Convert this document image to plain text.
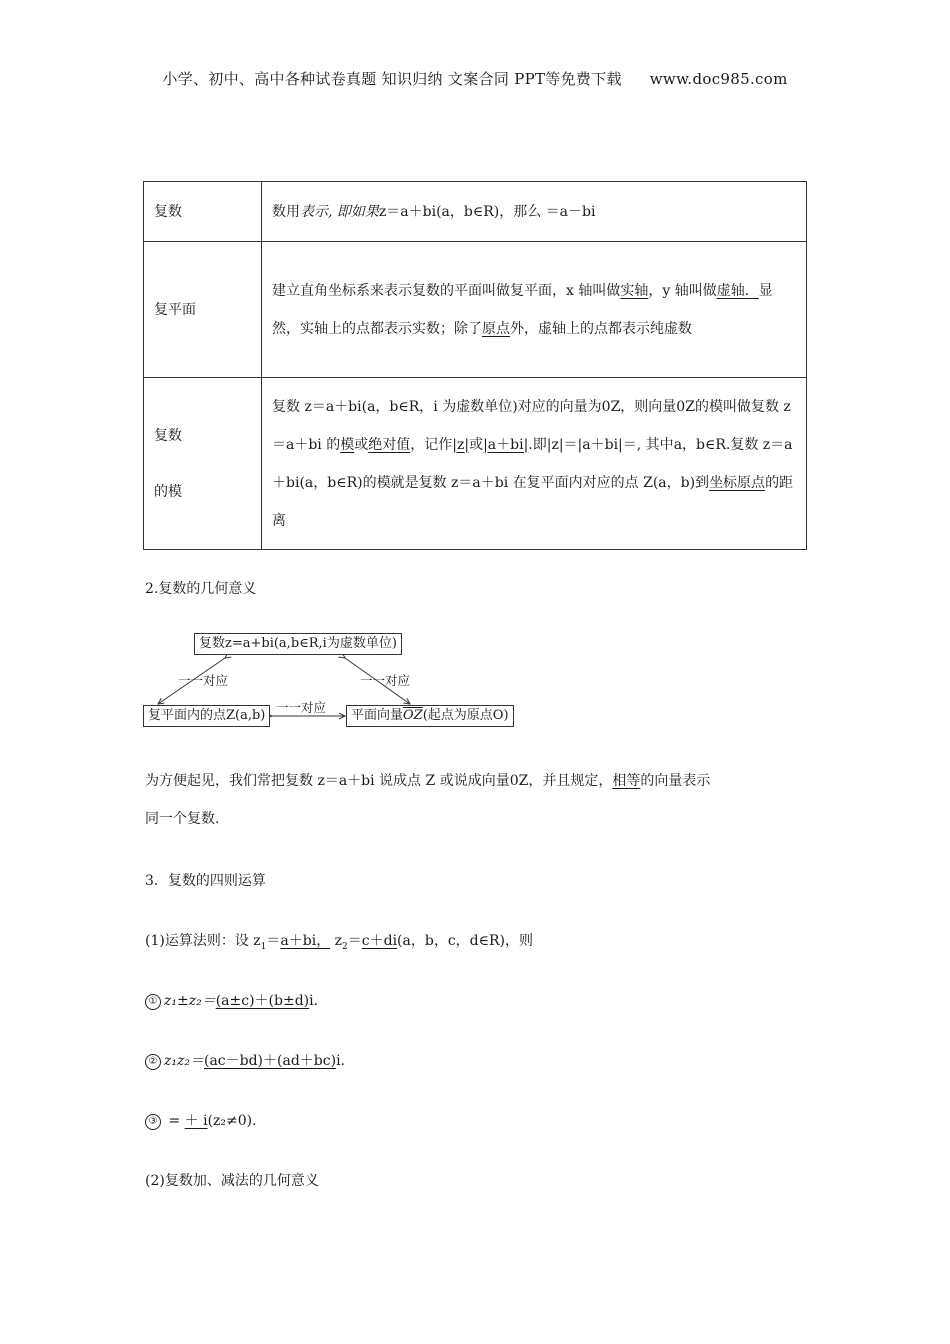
小学、初中、高中各种试卷真题 知识归纳 文案合同 PPT等免费下载 www.doc985.com
复数	数用表示, 即如果z＝a＋bi(a，b∈R)，那么 ＝a－bi
复平面	建立直角坐标系来表示复数的平面叫做复平面，x 轴叫做实轴，y 轴叫做虚轴．显然，实轴上的点都表示实数；除了原点外，虚轴上的点都表示纯虚数
复数
的模	复数 z＝a＋bi(a，b∈R，i 为虚数单位)对应的向量为0Z，则向量0Z的模叫做复数 z＝a＋bi 的模或绝对值，记作|z|或|a＋bi|.即|z|＝|a＋bi|＝, 其中a，b∈R.复数 z＝a＋bi(a，b∈R)的模就是复数 z＝a＋bi 在复平面内对应的点 Z(a，b)到坐标原点的距离
2.复数的几何意义
复数z=a+bi(a,b∈R,i为虚数单位)
复平面内的点Z(a,b)	平面向量$\overline{OZ}$(起点为原点O)
一一对应	一一对应
一一对应
为方便起见，我们常把复数 z＝a＋bi 说成点 Z 或说成向量0Z，并且规定，相等的向量表示
同一个复数.
3．复数的四则运算
(1)运算法则：设 $z_1=a+bi$， $z_2=c+di(a$，b，c，d∈R)，则
① z₁±z₂＝(a±c)＋(b±d)i.
② z₁z₂＝(ac－bd)＋(ad＋bc)i.
③ = ＋ i(z₂≠0)．
(2)复数加、减法的几何意义
